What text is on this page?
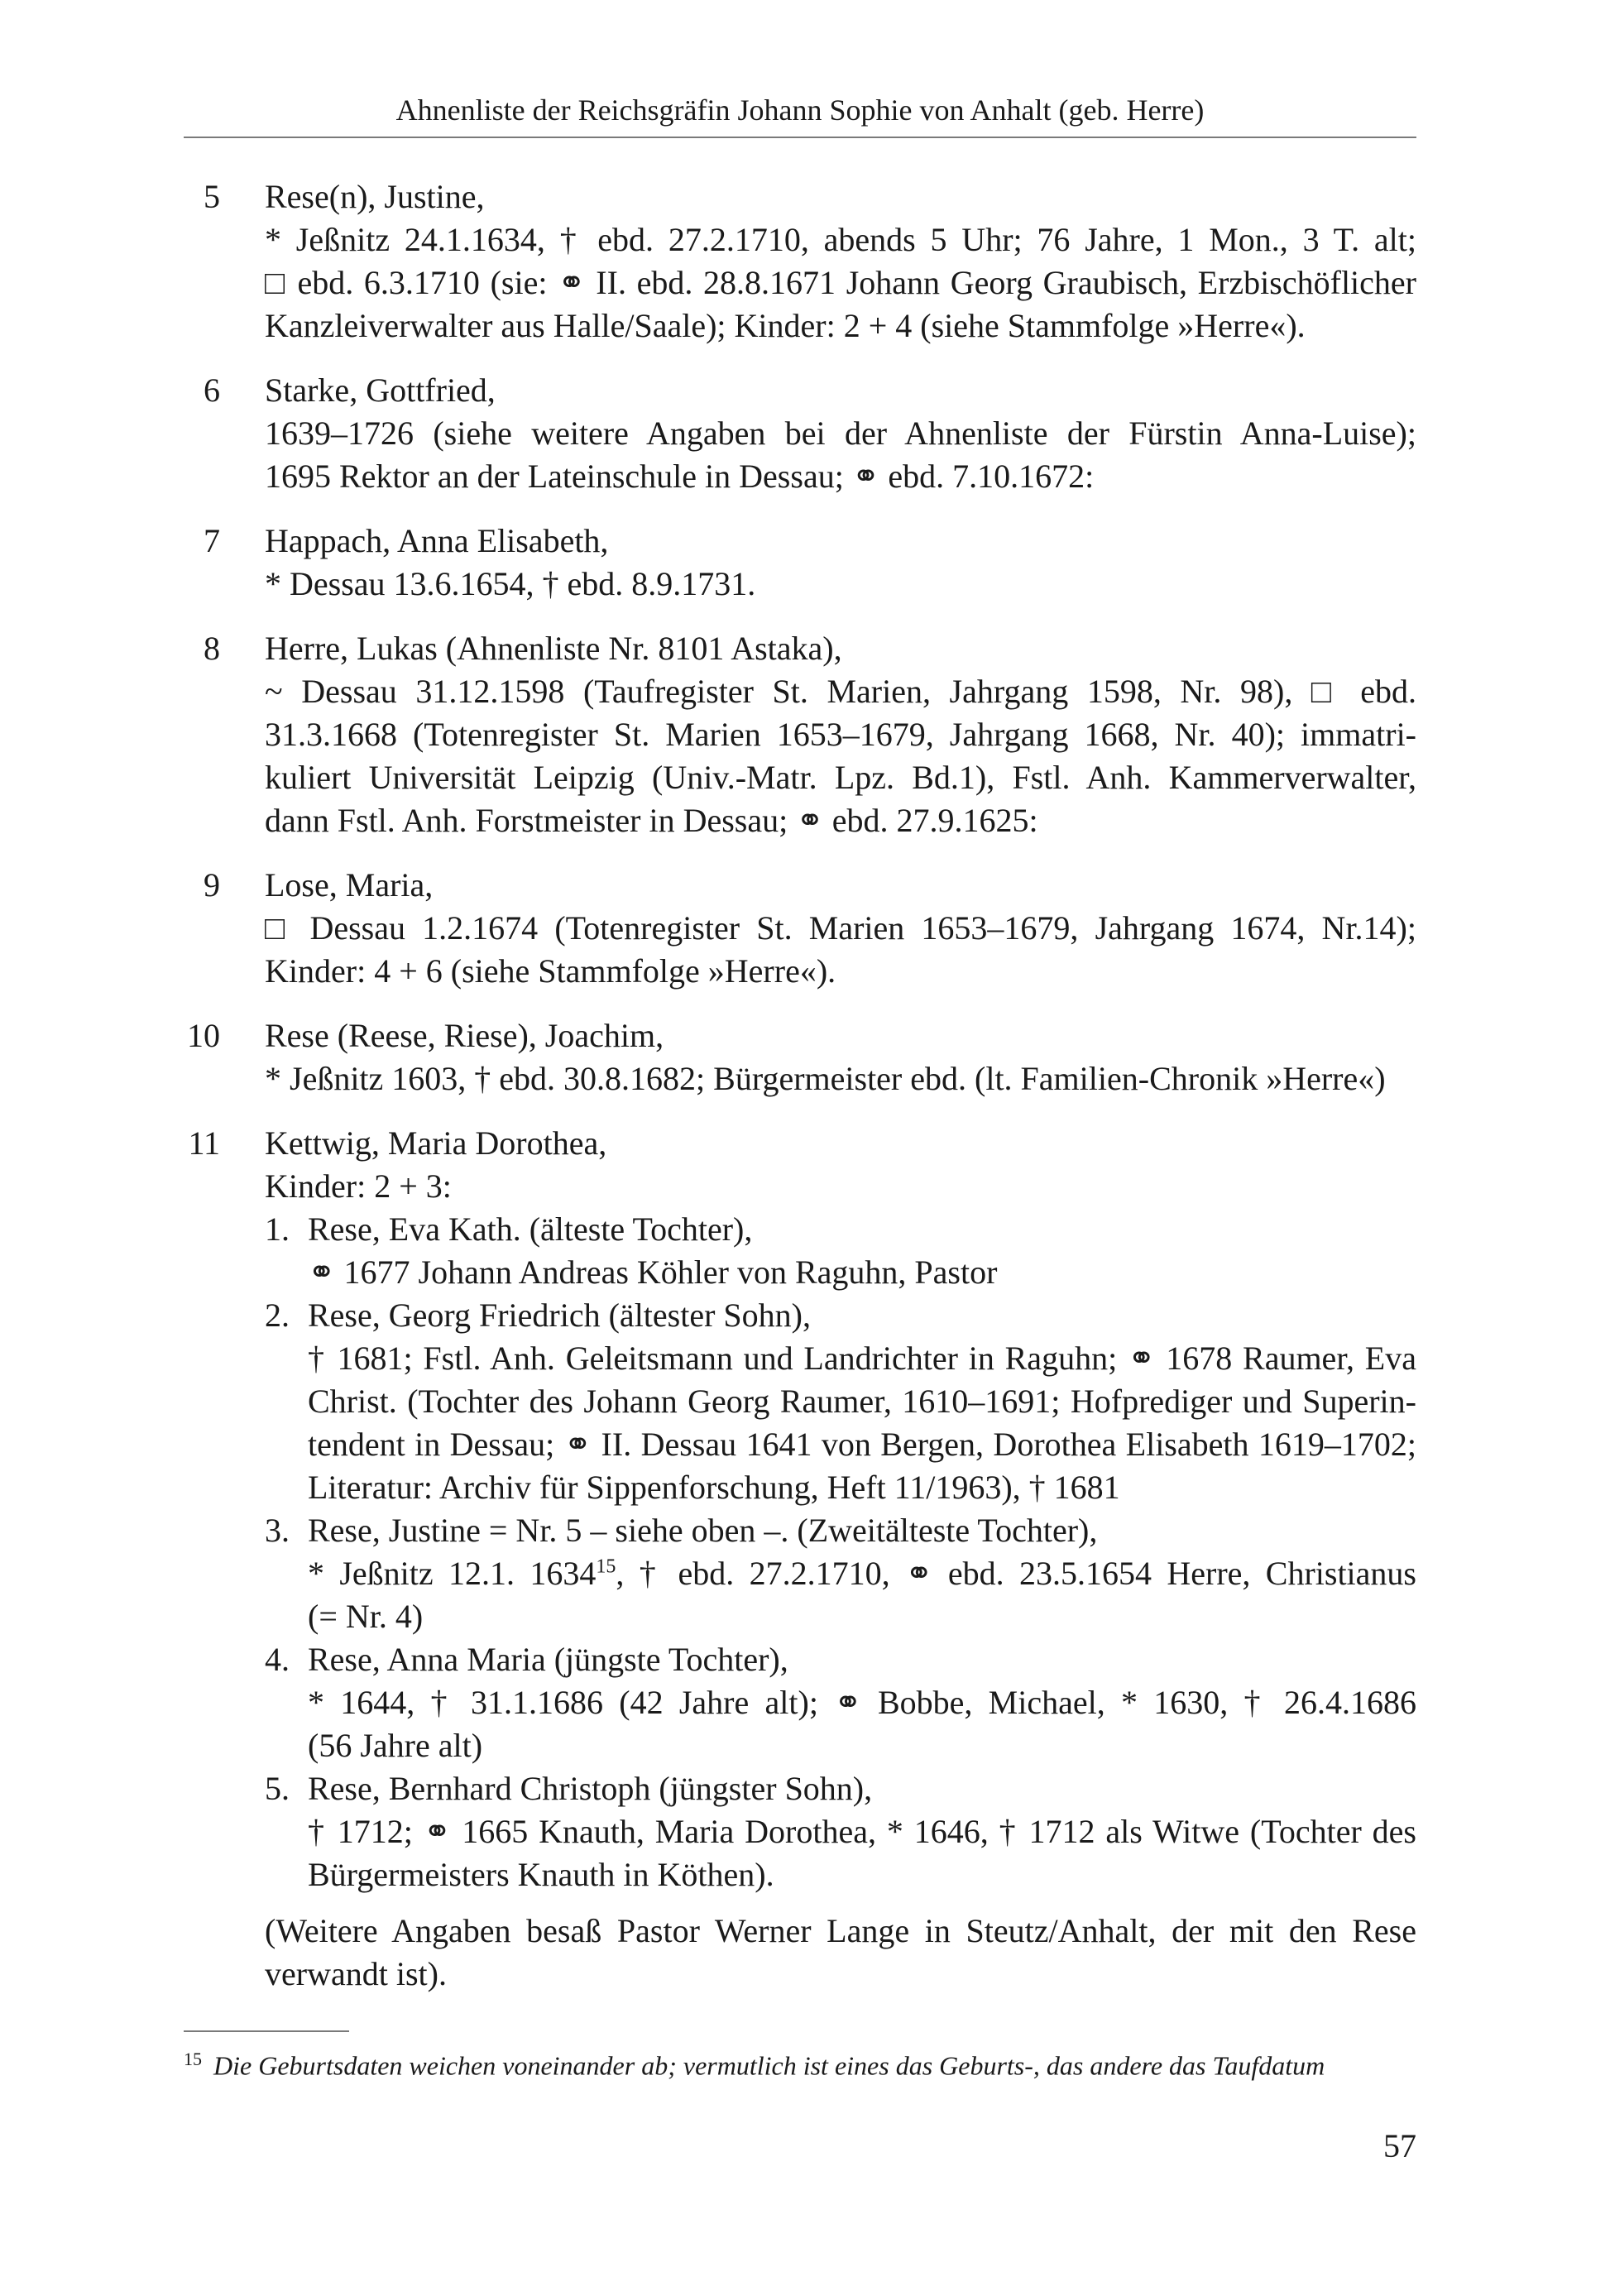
Ahnenliste der Reichsgräfin Johann Sophie von Anhalt (geb. Herre)
5 Rese(n), Justine,
* Jeßnitz 24.1.1634, † ebd. 27.2.1710, abends 5 Uhr; 76 Jahre, 1 Mon., 3 T. alt;
□ ebd. 6.3.1710 (sie: ⚭ II. ebd. 28.8.1671 Johann Georg Graubisch, Erzbischöflicher
Kanzleiverwalter aus Halle/Saale); Kinder: 2 + 4 (siehe Stammfolge »Herre«).
6 Starke, Gottfried,
1639–1726 (siehe weitere Angaben bei der Ahnenliste der Fürstin Anna-Luise);
1695 Rektor an der Lateinschule in Dessau; ⚭ ebd. 7.10.1672:
7 Happach, Anna Elisabeth,
* Dessau 13.6.1654, † ebd. 8.9.1731.
8 Herre, Lukas (Ahnenliste Nr. 8101 Astaka),
~ Dessau 31.12.1598 (Taufregister St. Marien, Jahrgang 1598, Nr. 98), □ ebd.
31.3.1668 (Totenregister St. Marien 1653–1679, Jahrgang 1668, Nr. 40); immatri-
kuliert Universität Leipzig (Univ.-Matr. Lpz. Bd.1), Fstl. Anh. Kammerverwalter,
dann Fstl. Anh. Forstmeister in Dessau; ⚭ ebd. 27.9.1625:
9 Lose, Maria,
□ Dessau 1.2.1674 (Totenregister St. Marien 1653–1679, Jahrgang 1674, Nr.14);
Kinder: 4 + 6 (siehe Stammfolge »Herre«).
10 Rese (Reese, Riese), Joachim,
* Jeßnitz 1603, † ebd. 30.8.1682; Bürgermeister ebd. (lt. Familien-Chronik »Herre«)
11 Kettwig, Maria Dorothea,
Kinder: 2 + 3:
1. Rese, Eva Kath. (älteste Tochter),
⚭ 1677 Johann Andreas Köhler von Raguhn, Pastor
2. Rese, Georg Friedrich (ältester Sohn),
† 1681; Fstl. Anh. Geleitsmann und Landrichter in Raguhn; ⚭ 1678 Raumer, Eva
Christ. (Tochter des Johann Georg Raumer, 1610–1691; Hofprediger und Superin-
tendent in Dessau; ⚭ II. Dessau 1641 von Bergen, Dorothea Elisabeth 1619–1702;
Literatur: Archiv für Sippenforschung, Heft 11/1963), † 1681
3. Rese, Justine = Nr. 5 – siehe oben –. (Zweitälteste Tochter),
* Jeßnitz 12.1. 1634$^{15}$, † ebd. 27.2.1710, ⚭ ebd. 23.5.1654 Herre, Christianus
(= Nr. 4)
4. Rese, Anna Maria (jüngste Tochter),
* 1644, † 31.1.1686 (42 Jahre alt); ⚭ Bobbe, Michael, * 1630, † 26.4.1686
(56 Jahre alt)
5. Rese, Bernhard Christoph (jüngster Sohn),
† 1712; ⚭ 1665 Knauth, Maria Dorothea, * 1646, † 1712 als Witwe (Tochter des
Bürgermeisters Knauth in Köthen).
(Weitere Angaben besaß Pastor Werner Lange in Steutz/Anhalt, der mit den Rese
verwandt ist).
$^{15}$ Die Geburtsdaten weichen voneinander ab; vermutlich ist eines das Geburts-, das andere das Taufdatum
57
